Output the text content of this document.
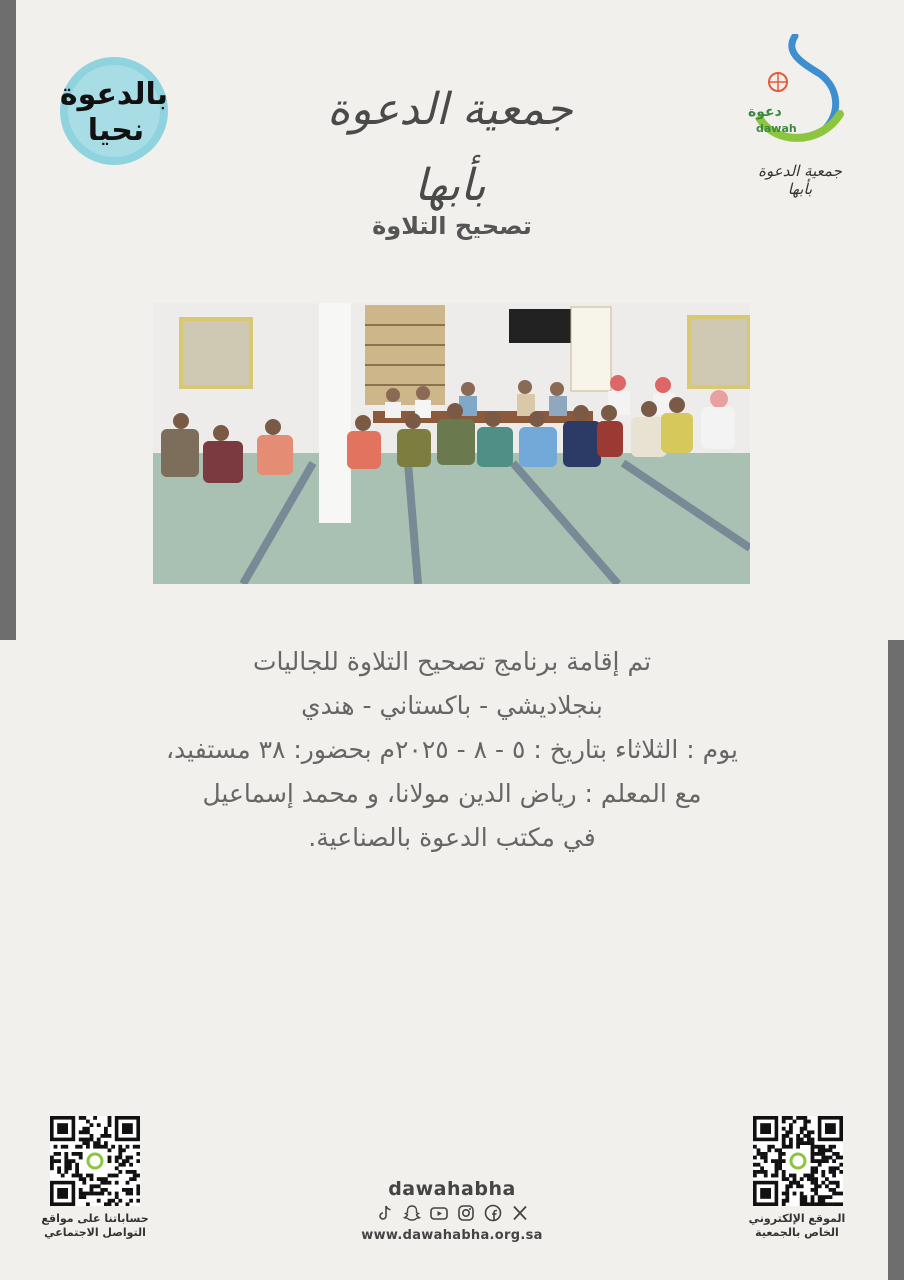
بالدعوة
نحيا	جمعية الدعوة بأبها
دعوة
dawah
جمعية الدعوة بأبها
تصحيح التلاوة

تم إقامة برنامج تصحيح التلاوة للجاليات

بنجلاديشي - باكستاني - هندي

يوم : الثلاثاء بتاريخ : ٥ - ٨ - ٢٠٢٥م بحضور: ٣٨ مستفيد،

مع المعلم : رياض الدين مولانا، و محمد إسماعيل

في مكتب الدعوة بالصناعية.

حساباتنا على مواقع
التواصل الاجتماعي
الموقع الإلكتروني
الخاص بالجمعية
dawahabha
www.dawahabha.org.sa
